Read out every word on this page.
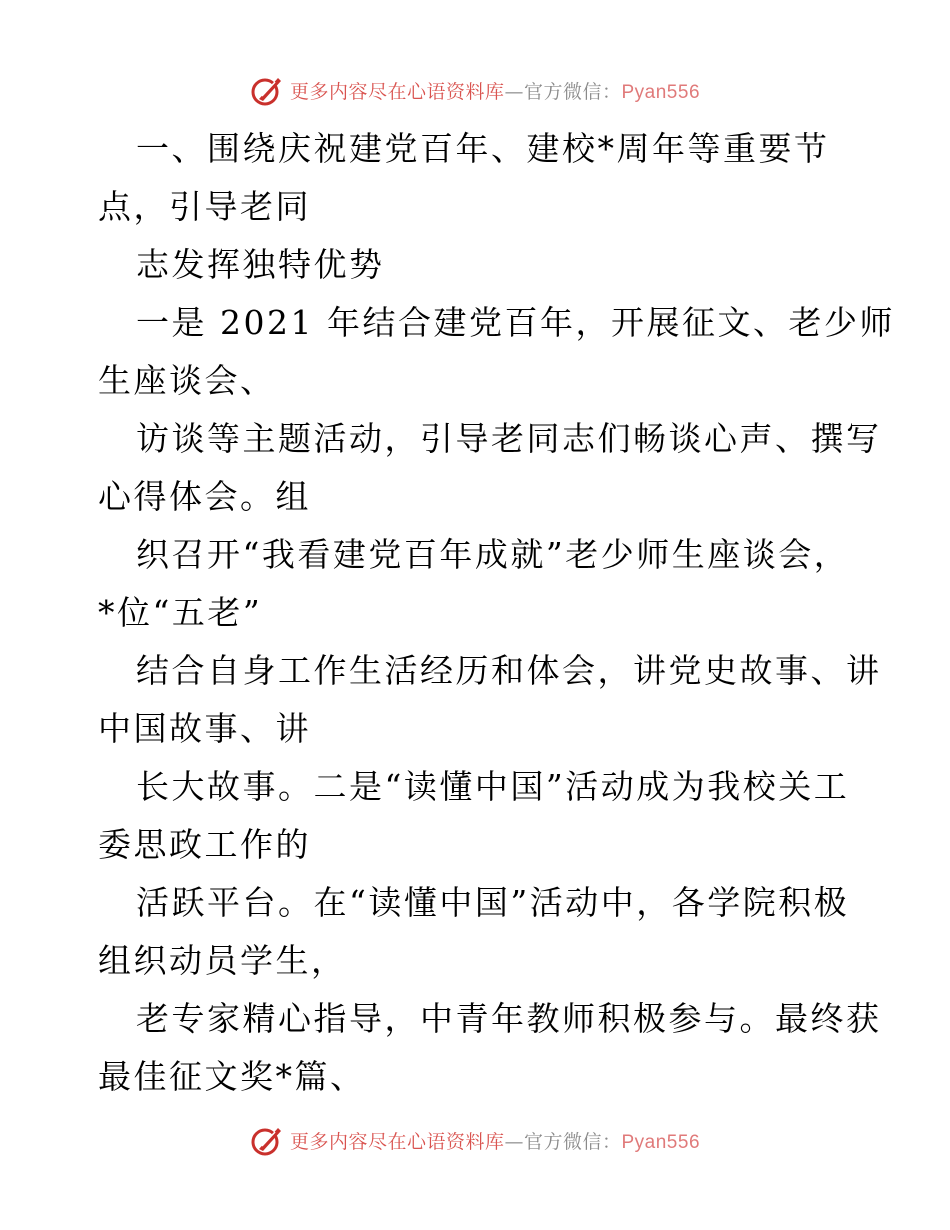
更多内容尽在心语资料库—官方微信：Pyan556
一、围绕庆祝建党百年、建校*周年等重要节
点，引导老同
志发挥独特优势
一是 2021 年结合建党百年，开展征文、老少师
生座谈会、
访谈等主题活动，引导老同志们畅谈心声、撰写
心得体会。组
织召开“我看建党百年成就”老少师生座谈会，
*位“五老”
结合自身工作生活经历和体会，讲党史故事、讲
中国故事、讲
长大故事。二是“读懂中国”活动成为我校关工
委思政工作的
活跃平台。在“读懂中国”活动中，各学院积极
组织动员学生，
老专家精心指导，中青年教师积极参与。最终获
最佳征文奖*篇、
更多内容尽在心语资料库—官方微信：Pyan556
